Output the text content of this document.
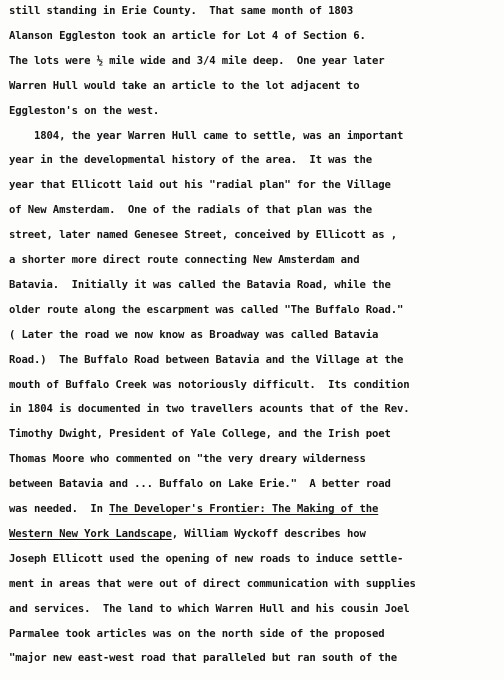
still standing in Erie County.  That same month of 1803
Alanson Eggleston took an article for Lot 4 of Section 6.
The lots were ½ mile wide and 3/4 mile deep.  One year later
Warren Hull would take an article to the lot adjacent to
Eggleston's on the west.
1804, the year Warren Hull came to settle, was an important
year in the developmental history of the area.  It was the
year that Ellicott laid out his "radial plan" for the Village
of New Amsterdam.  One of the radials of that plan was the
street, later named Genesee Street, conceived by Ellicott as ,
a shorter more direct route connecting New Amsterdam and
Batavia.  Initially it was called the Batavia Road, while the
older route along the escarpment was called "The Buffalo Road."
( Later the road we now know as Broadway was called Batavia
Road.)  The Buffalo Road between Batavia and the Village at the
mouth of Buffalo Creek was notoriously difficult.  Its condition
in 1804 is documented in two travellers acounts that of the Rev.
Timothy Dwight, President of Yale College, and the Irish poet
Thomas Moore who commented on "the very dreary wilderness
between Batavia and ... Buffalo on Lake Erie."  A better road
was needed.  In The Developer's Frontier: The Making of the
Western New York Landscape, William Wyckoff describes how
Joseph Ellicott used the opening of new roads to induce settle-
ment in areas that were out of direct communication with supplies
and services.  The land to which Warren Hull and his cousin Joel
Parmalee took articles was on the north side of the proposed
"major new east-west road that paralleled but ran south of the
